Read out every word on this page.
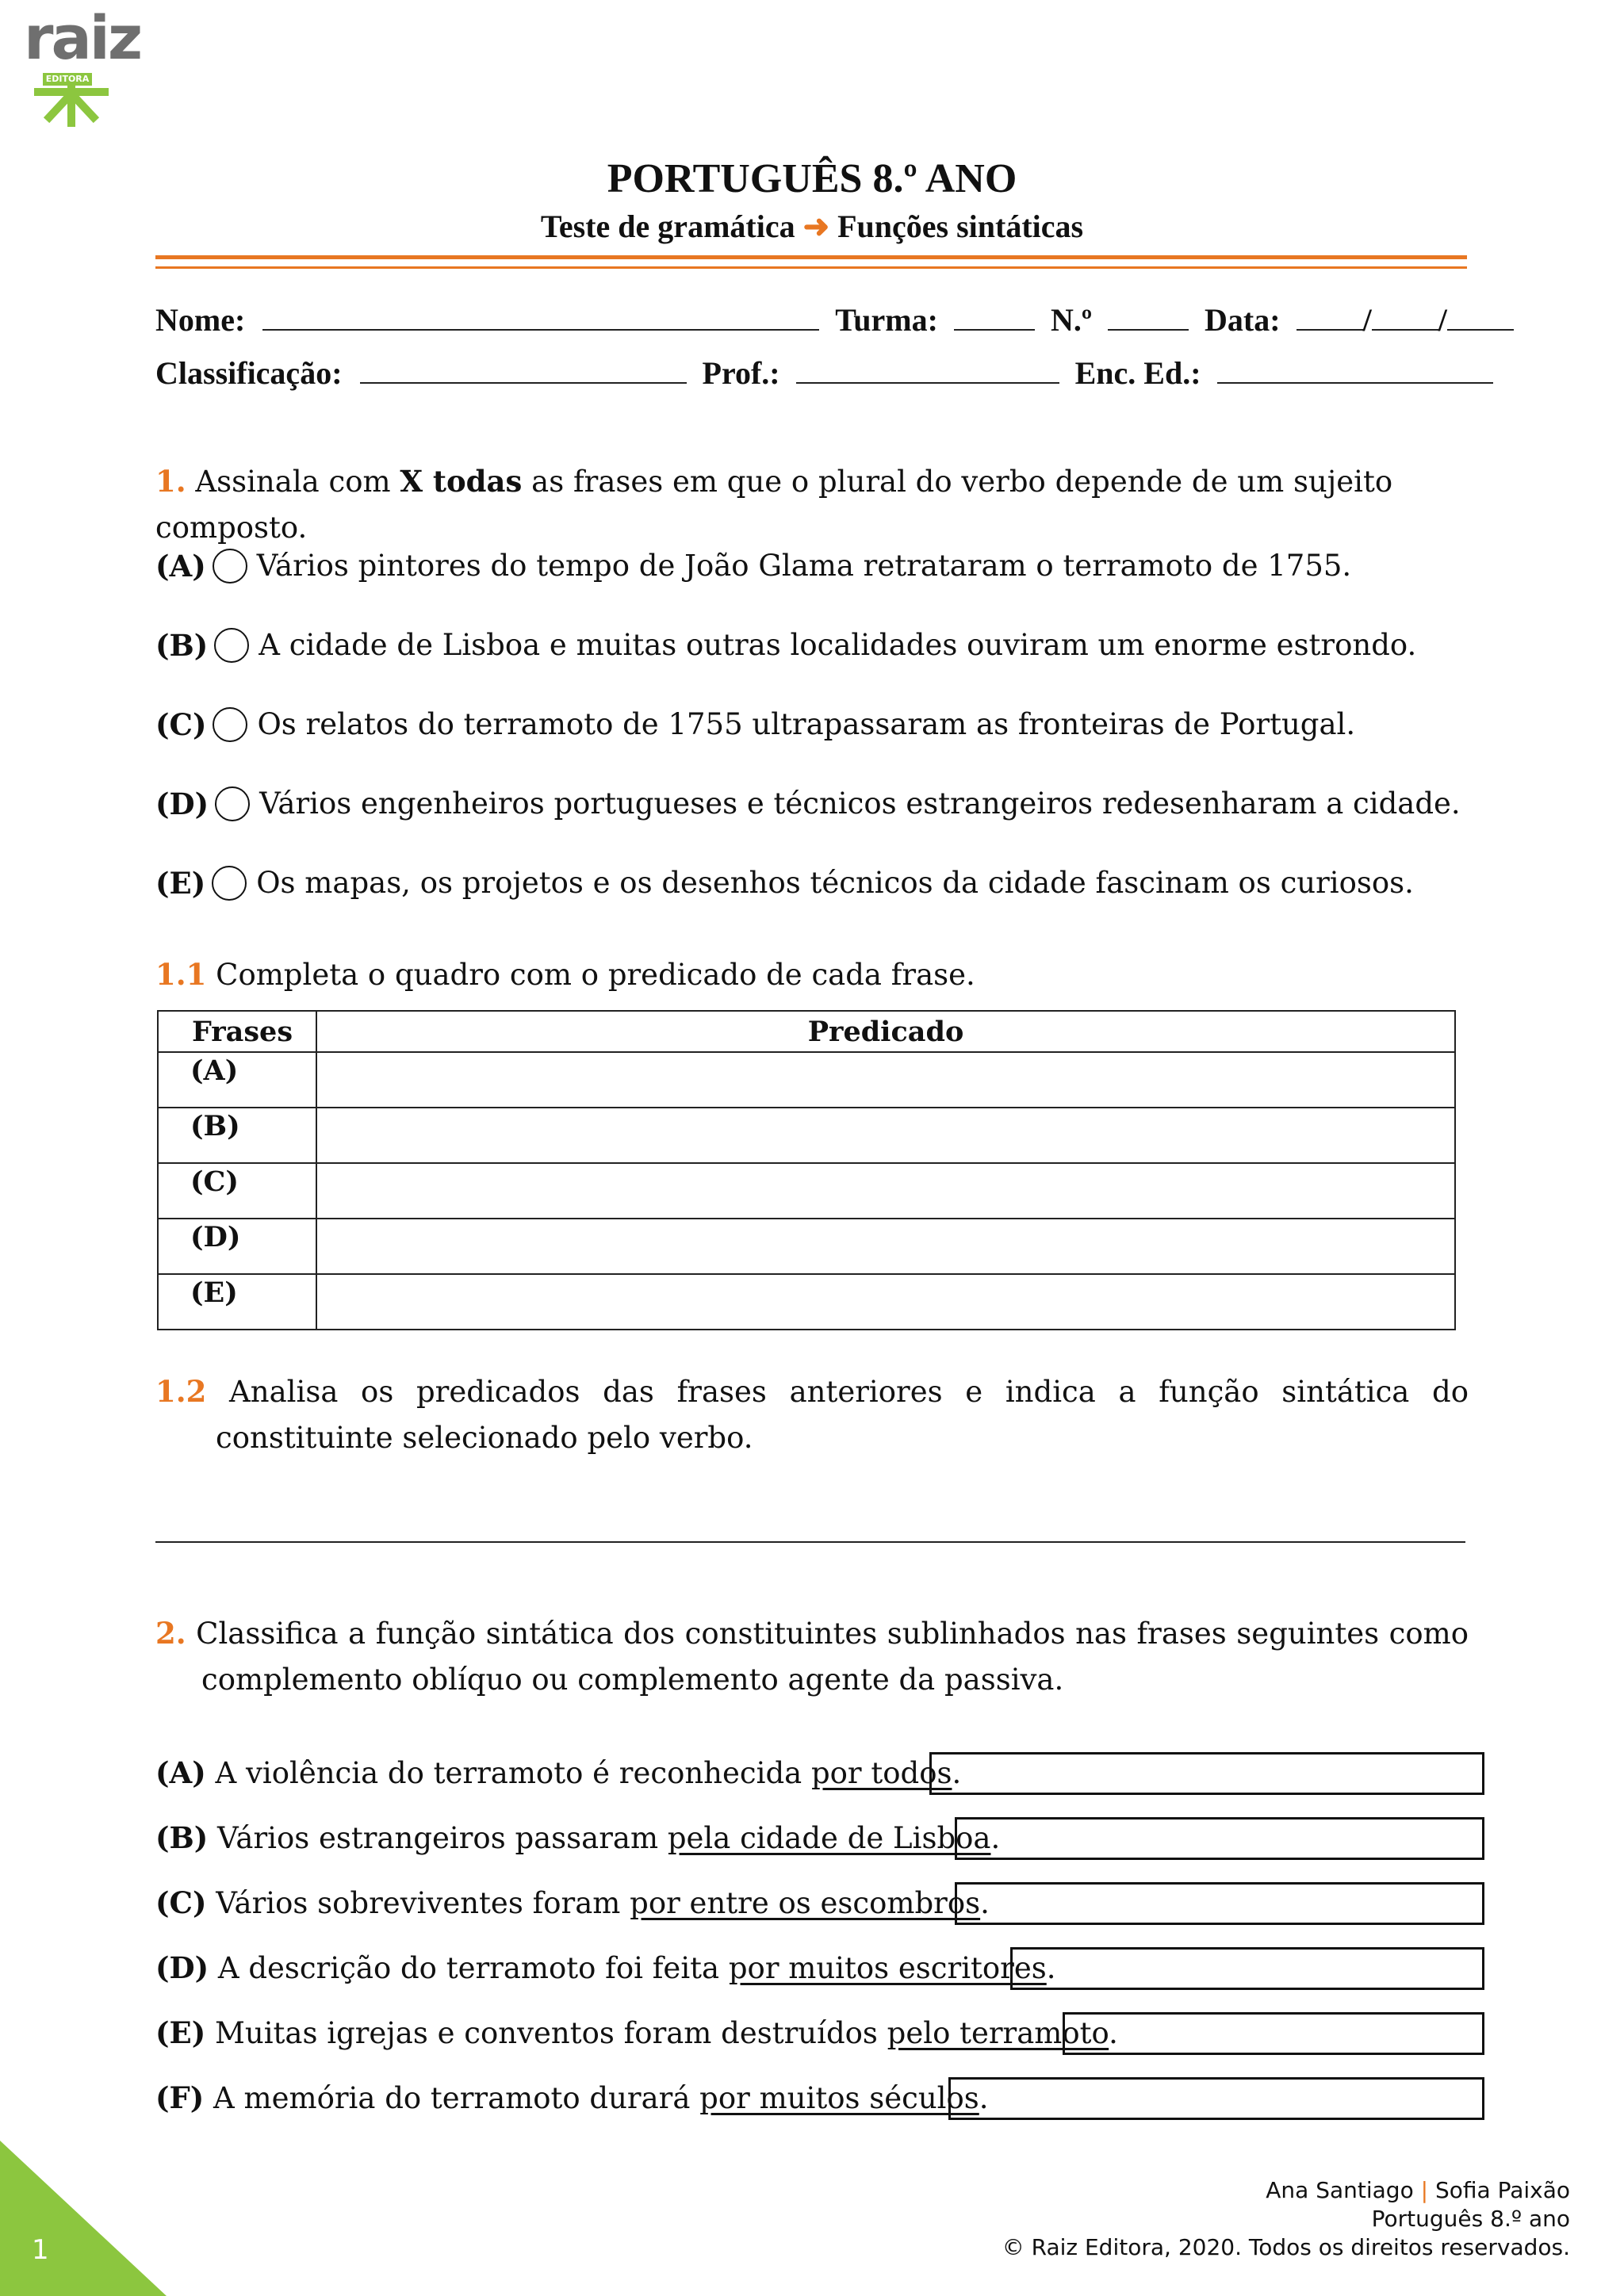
raiz
EDITORA
PORTUGUÊS 8.º ANO
Teste de gramática ➜ Funções sintáticas
Nome:	Turma:	N.º	Data:	/ /
Classificação:	Prof.:	Enc. Ed.:
1. Assinala com X todas as frases em que o plural do verbo depende de um sujeito composto.
(A) Vários pintores do tempo de João Glama retrataram o terramoto de 1755.
(B) A cidade de Lisboa e muitas outras localidades ouviram um enorme estrondo.
(C) Os relatos do terramoto de 1755 ultrapassaram as fronteiras de Portugal.
(D) Vários engenheiros portugueses e técnicos estrangeiros redesenharam a cidade.
(E) Os mapas, os projetos e os desenhos técnicos da cidade fascinam os curiosos.
1.1 Completa o quadro com o predicado de cada frase.
Frases	Predicado
(A)	
(B)	
(C)	
(D)	
(E)	
1.2 Analisa os predicados das frases anteriores e indica a função sintática do constituinte selecionado pelo verbo.
2. Classifica a função sintática dos constituintes sublinhados nas frases seguintes como complemento oblíquo ou complemento agente da passiva.
(A) A violência do terramoto é reconhecida por todos.
(B) Vários estrangeiros passaram pela cidade de Lisboa.
(C) Vários sobreviventes foram por entre os escombros.
(D) A descrição do terramoto foi feita por muitos escritores.
(E) Muitas igrejas e conventos foram destruídos pelo terramoto.
(F) A memória do terramoto durará por muitos séculos.
1
Ana Santiago | Sofia Paixão
Português 8.º ano
© Raiz Editora, 2020. Todos os direitos reservados.
